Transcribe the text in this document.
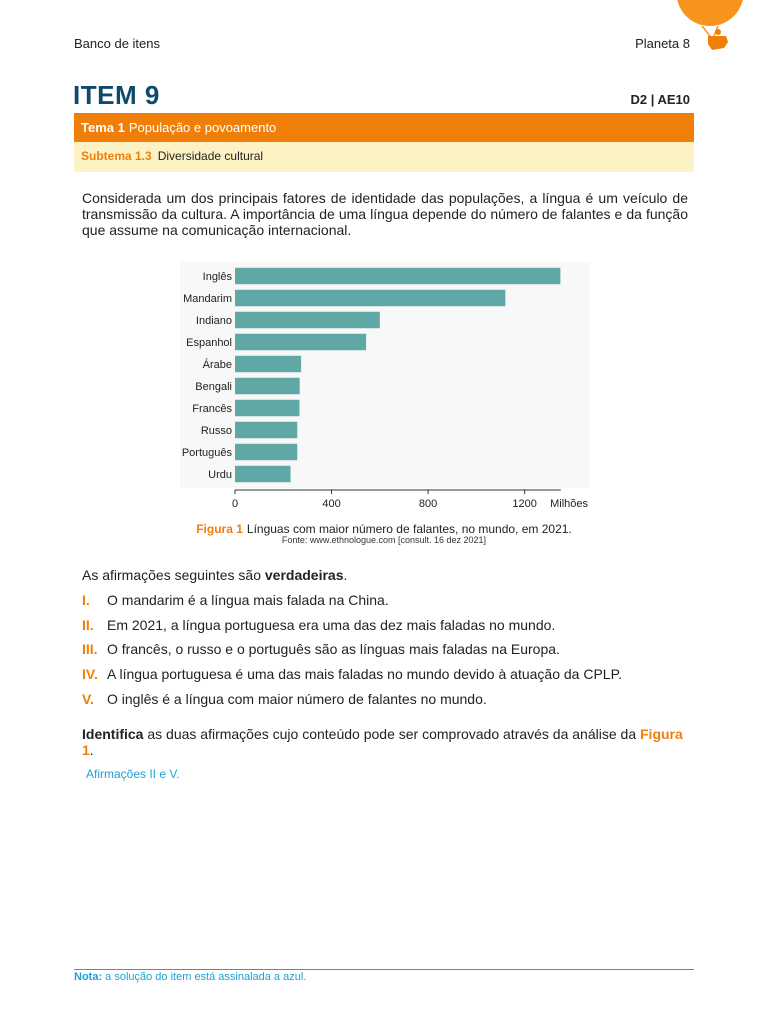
Banco de itens	Planeta 8
ITEM 9	D2 | AE10
Tema 1 População e povoamento
Subtema 1.3 Diversidade cultural
Considerada um dos principais fatores de identidade das populações, a língua é um veículo de transmissão da cultura. A importância de uma língua depende do número de falantes e da função que assume na comunicação internacional.
Inglês
Mandarim
Indiano
Espanhol
Árabe
Bengali
Francês
Russo
Português
Urdu
0	400	800	1200 Milhões
Figura 1 Línguas com maior número de falantes, no mundo, em 2021.
Fonte: www.ethnologue.com [consult. 16 dez 2021]
As afirmações seguintes são verdadeiras.
I. O mandarim é a língua mais falada na China.
II. Em 2021, a língua portuguesa era uma das dez mais faladas no mundo.
III. O francês, o russo e o português são as línguas mais faladas na Europa.
IV. A língua portuguesa é uma das mais faladas no mundo devido à atuação da CPLP.
V. O inglês é a língua com maior número de falantes no mundo.
Identifica as duas afirmações cujo conteúdo pode ser comprovado através da análise da Figura 1.
Afirmações II e V.
Nota: a solução do item está assinalada a azul.
